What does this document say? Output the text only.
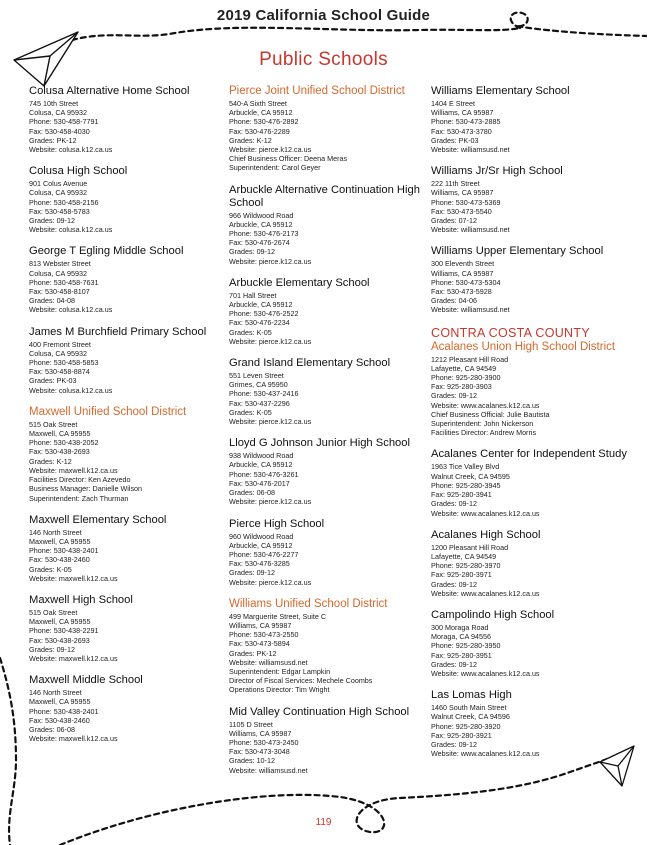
2019 California School Guide
Public Schools
Colusa Alternative Home School
745 10th Street
Colusa, CA 95932
Phone: 530-458-7791
Fax: 530-458-4030
Grades: PK-12
Website: colusa.k12.ca.us
Colusa High School
901 Colus Avenue
Colusa, CA 95932
Phone: 530-458-2156
Fax: 530-458-5783
Grades: 09-12
Website: colusa.k12.ca.us
George T Egling Middle School
813 Webster Street
Colusa, CA 95932
Phone: 530-458-7631
Fax: 530-458-8107
Grades: 04-08
Website: colusa.k12.ca.us
James M Burchfield Primary School
400 Fremont Street
Colusa, CA 95932
Phone: 530-458-5853
Fax: 530-458-8874
Grades: PK-03
Website: colusa.k12.ca.us
Maxwell Unified School District
515 Oak Street
Maxwell, CA 95955
Phone: 530-438-2052
Fax: 530-438-2693
Grades: K-12
Website: maxwell.k12.ca.us
Facilities Director: Ken Azevedo
Business Manager: Danielle Wilson
Superintendent: Zach Thurman
Maxwell Elementary School
146 North Street
Maxwell, CA 95955
Phone: 530-438-2401
Fax: 530-438-2460
Grades: K-05
Website: maxwell.k12.ca.us
Maxwell High School
515 Oak Street
Maxwell, CA 95955
Phone: 530-438-2291
Fax: 530-438-2693
Grades: 09-12
Website: maxwell.k12.ca.us
Maxwell Middle School
146 North Street
Maxwell, CA 95955
Phone: 530-438-2401
Fax: 530-438-2460
Grades: 06-08
Website: maxwell.k12.ca.us
Pierce Joint Unified School District
540-A Sixth Street
Arbuckle, CA 95912
Phone: 530-476-2892
Fax: 530-476-2289
Grades: K-12
Website: pierce.k12.ca.us
Chief Business Officer: Deena Meras
Superintendent: Carol Geyer
Arbuckle Alternative Continuation High School
966 Wildwood Road
Arbuckle, CA 95912
Phone: 530-476-2173
Fax: 530-476-2674
Grades: 09-12
Website: pierce.k12.ca.us
Arbuckle Elementary School
701 Hall Street
Arbuckle, CA 95912
Phone: 530-476-2522
Fax: 530-476-2234
Grades: K-05
Website: pierce.k12.ca.us
Grand Island Elementary School
551 Leven Street
Grimes, CA 95950
Phone: 530-437-2416
Fax: 530-437-2296
Grades: K-05
Website: pierce.k12.ca.us
Lloyd G Johnson Junior High School
938 Wildwood Road
Arbuckle, CA 95912
Phone: 530-476-3261
Fax: 530-476-2017
Grades: 06-08
Website: pierce.k12.ca.us
Pierce High School
960 Wildwood Road
Arbuckle, CA 95912
Phone: 530-476-2277
Fax: 530-476-3285
Grades: 09-12
Website: pierce.k12.ca.us
Williams Unified School District
499 Marguerite Street, Suite C
Williams, CA 95987
Phone: 530-473-2550
Fax: 530-473-5894
Grades: PK-12
Website: williamsusd.net
Superintendent: Edgar Lampkin
Director of Fiscal Services: Mechele Coombs
Operations Director: Tim Wright
Mid Valley Continuation High School
1105 D Street
Williams, CA 95987
Phone: 530-473-2450
Fax: 530-473-3048
Grades: 10-12
Website: williamsusd.net
Williams Elementary School
1404 E Street
Williams, CA 95987
Phone: 530-473-2885
Fax: 530-473-3780
Grades: PK-03
Website: williamsusd.net
Williams Jr/Sr High School
222 11th Street
Williams, CA 95987
Phone: 530-473-5369
Fax: 530-473-5540
Grades: 07-12
Website: williamsusd.net
Williams Upper Elementary School
300 Eleventh Street
Williams, CA 95987
Phone: 530-473-5304
Fax: 530-473-5928
Grades: 04-06
Website: williamsusd.net
CONTRA COSTA COUNTY
Acalanes Union High School District
1212 Pleasant Hill Road
Lafayette, CA 94549
Phone: 925-280-3900
Fax: 925-280-3903
Grades: 09-12
Website: www.acalanes.k12.ca.us
Chief Business Official: Julie Bautista
Superintendent: John Nickerson
Facilities Director: Andrew Morris
Acalanes Center for Independent Study
1963 Tice Valley Blvd
Walnut Creek, CA 94595
Phone: 925-280-3945
Fax: 925-280-3941
Grades: 09-12
Website: www.acalanes.k12.ca.us
Acalanes High School
1200 Pleasant Hill Road
Lafayette, CA 94549
Phone: 925-280-3970
Fax: 925-280-3971
Grades: 09-12
Website: www.acalanes.k12.ca.us
Campolindo High School
300 Moraga Road
Moraga, CA 94556
Phone: 925-280-3950
Fax: 925-280-3951
Grades: 09-12
Website: www.acalanes.k12.ca.us
Las Lomas High
1460 South Main Street
Walnut Creek, CA 94596
Phone: 925-280-3920
Fax: 925-280-3921
Grades: 09-12
Website: www.acalanes.k12.ca.us
119
